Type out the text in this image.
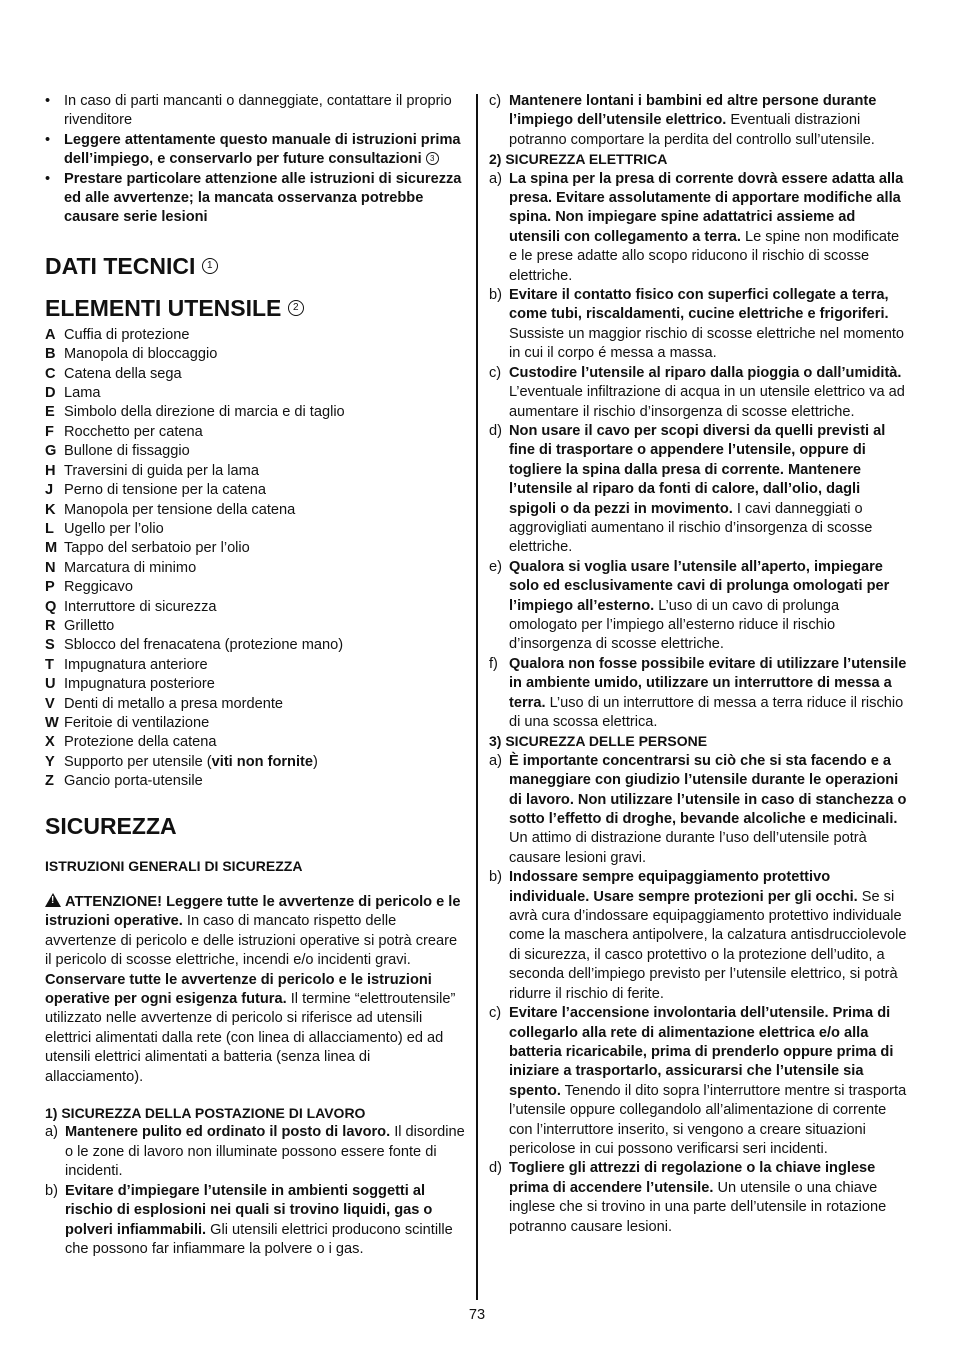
• In caso di parti mancanti o danneggiate, contattare il proprio rivenditore
• Leggere attentamente questo manuale di istruzioni prima dell’impiego, e conservarlo per future consultazioni 3
• Prestare particolare attenzione alle istruzioni di sicurezza ed alle avvertenze; la mancata osservanza potrebbe causare serie lesioni
DATI TECNICI 1
ELEMENTI UTENSILE 2
A Cuffia di protezione
B Manopola di bloccaggio
C Catena della sega
D Lama
E Simbolo della direzione di marcia e di taglio
F Rocchetto per catena
G Bullone di fissaggio
H Traversini di guida per la lama
J Perno di tensione per la catena
K Manopola per tensione della catena
L Ugello per l’olio
M Tappo del serbatoio per l’olio
N Marcatura di minimo
P Reggicavo
Q Interruttore di sicurezza
R Grilletto
S Sblocco del frenacatena (protezione mano)
T Impugnatura anteriore
U Impugnatura posteriore
V Denti di metallo a presa mordente
W Feritoie di ventilazione
X Protezione della catena
Y Supporto per utensile (viti non fornite)
Z Gancio porta-utensile
SICUREZZA
ISTRUZIONI GENERALI DI SICUREZZA
!ATTENZIONE! Leggere tutte le avvertenze di pericolo e le istruzioni operative. In caso di mancato rispetto delle avvertenze di pericolo e delle istruzioni operative si potrà creare il pericolo di scosse elettriche, incendi e/o incidenti gravi. Conservare tutte le avvertenze di pericolo e le istruzioni operative per ogni esigenza futura. Il termine “elettroutensile” utilizzato nelle avvertenze di pericolo si riferisce ad utensili elettrici alimentati dalla rete (con linea di allacciamento) ed ad utensili elettrici alimentati a batteria (senza linea di allacciamento).
1) SICUREZZA DELLA POSTAZIONE DI LAVORO
a) Mantenere pulito ed ordinato il posto di lavoro. Il disordine o le zone di lavoro non illuminate possono essere fonte di incidenti.
b) Evitare d’impiegare l’utensile in ambienti soggetti al rischio di esplosioni nei quali si trovino liquidi, gas o polveri infiammabili. Gli utensili elettrici producono scintille che possono far infiammare la polvere o i gas.
c) Mantenere lontani i bambini ed altre persone durante l’impiego dell’utensile elettrico. Eventuali distrazioni potranno comportare la perdita del controllo sull’utensile.
2) SICUREZZA ELETTRICA
a) La spina per la presa di corrente dovrà essere adatta alla presa. Evitare assolutamente di apportare modifiche alla spina. Non impiegare spine adattatrici assieme ad utensili con collegamento a terra. Le spine non modificate e le prese adatte allo scopo riducono il rischio di scosse elettriche.
b) Evitare il contatto fisico con superfici collegate a terra, come tubi, riscaldamenti, cucine elettriche e frigoriferi. Sussiste un maggior rischio di scosse elettriche nel momento in cui il corpo é messa a massa.
c) Custodire l’utensile al riparo dalla pioggia o dall’umidità. L’eventuale infiltrazione di acqua in un utensile elettrico va ad aumentare il rischio d’insorgenza di scosse elettriche.
d) Non usare il cavo per scopi diversi da quelli previsti al fine di trasportare o appendere l’utensile, oppure di togliere la spina dalla presa di corrente. Mantenere l’utensile al riparo da fonti di calore, dall’olio, dagli spigoli o da pezzi in movimento. I cavi danneggiati o aggrovigliati aumentano il rischio d’insorgenza di scosse elettriche.
e) Qualora si voglia usare l’utensile all’aperto, impiegare solo ed esclusivamente cavi di prolunga omologati per l’impiego all’esterno. L’uso di un cavo di prolunga omologato per l’impiego all’esterno riduce il rischio d’insorgenza di scosse elettriche.
f) Qualora non fosse possibile evitare di utilizzare l’utensile in ambiente umido, utilizzare un interruttore di messa a terra. L’uso di un interruttore di messa a terra riduce il rischio di una scossa elettrica.
3) SICUREZZA DELLE PERSONE
a) È importante concentrarsi su ciò che si sta facendo e a maneggiare con giudizio l’utensile durante le operazioni di lavoro. Non utilizzare l’utensile in caso di stanchezza o sotto l’effetto di droghe, bevande alcoliche e medicinali. Un attimo di distrazione durante l’uso dell’utensile potrà causare lesioni gravi.
b) Indossare sempre equipaggiamento protettivo individuale. Usare sempre protezioni per gli occhi. Se si avrà cura d’indossare equipaggiamento protettivo individuale come la maschera antipolvere, la calzatura antisdrucciolevole di sicurezza, il casco protettivo o la protezione dell’udito, a seconda dell’impiego previsto per l’utensile elettrico, si potrà ridurre il rischio di ferite.
c) Evitare l’accensione involontaria dell’utensile. Prima di collegarlo alla rete di alimentazione elettrica e/o alla batteria ricaricabile, prima di prenderlo oppure prima di iniziare a trasportarlo, assicurarsi che l’utensile sia spento. Tenendo il dito sopra l’interruttore mentre si trasporta l’utensile oppure collegandolo all’alimentazione di corrente con l’interruttore inserito, si vengono a creare situazioni pericolose in cui possono verificarsi seri incidenti.
d) Togliere gli attrezzi di regolazione o la chiave inglese prima di accendere l’utensile. Un utensile o una chiave inglese che si trovino in una parte dell’utensile in rotazione potranno causare lesioni.
73
